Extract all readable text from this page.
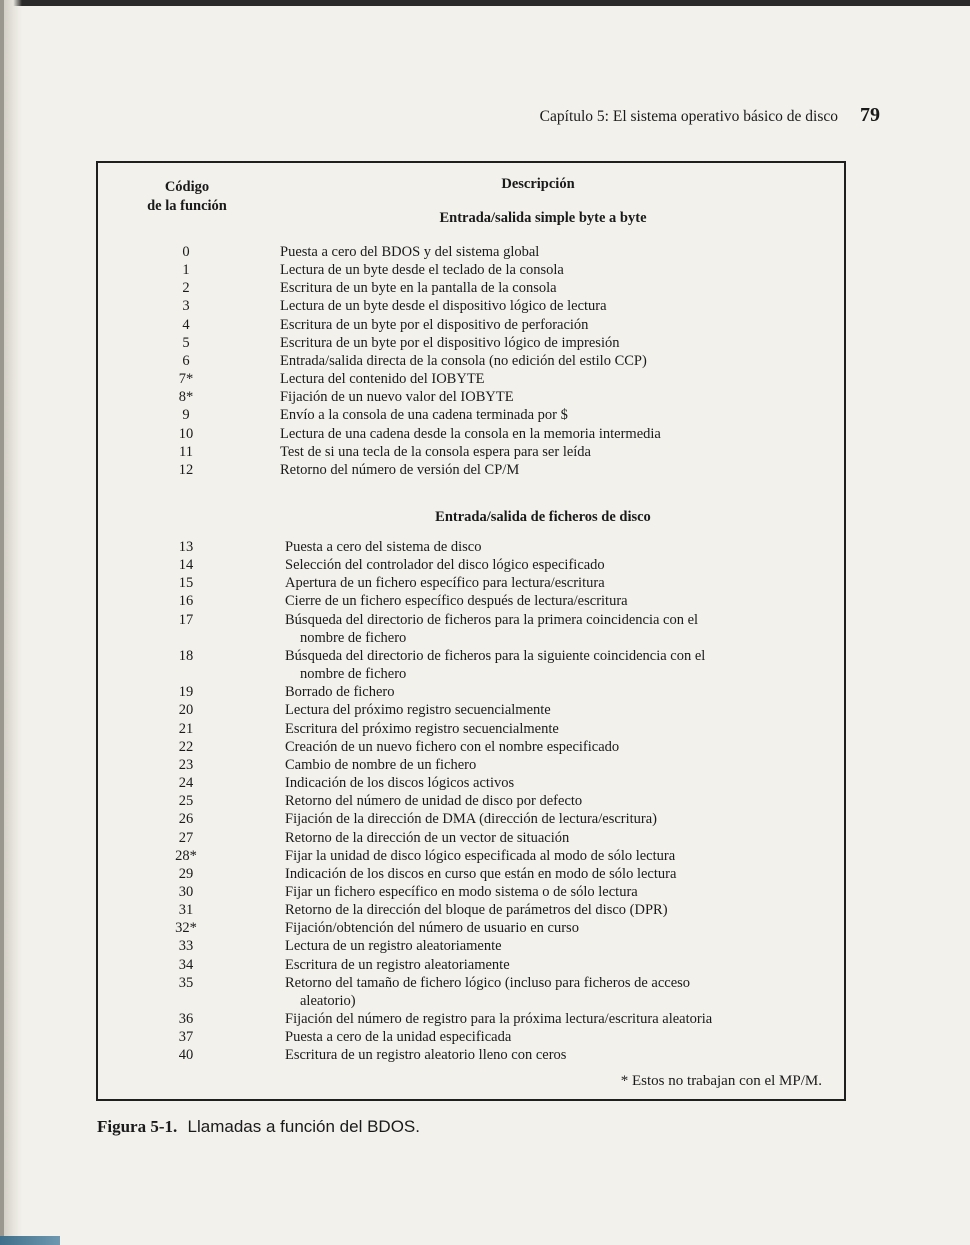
Capítulo 5: El sistema operativo básico de disco 79
Código
de la función
Descripción
Entrada/salida simple byte a byte
0	Puesta a cero del BDOS y del sistema global
1	Lectura de un byte desde el teclado de la consola
2	Escritura de un byte en la pantalla de la consola
3	Lectura de un byte desde el dispositivo lógico de lectura
4	Escritura de un byte por el dispositivo de perforación
5	Escritura de un byte por el dispositivo lógico de impresión
6	Entrada/salida directa de la consola (no edición del estilo CCP)
7*	Lectura del contenido del IOBYTE
8*	Fijación de un nuevo valor del IOBYTE
9	Envío a la consola de una cadena terminada por $
10	Lectura de una cadena desde la consola en la memoria intermedia
11	Test de si una tecla de la consola espera para ser leída
12	Retorno del número de versión del CP/M
Entrada/salida de ficheros de disco
13	Puesta a cero del sistema de disco
14	Selección del controlador del disco lógico especificado
15	Apertura de un fichero específico para lectura/escritura
16	Cierre de un fichero específico después de lectura/escritura
17	Búsqueda del directorio de ficheros para la primera coincidencia con el
nombre de fichero
18	Búsqueda del directorio de ficheros para la siguiente coincidencia con el
nombre de fichero
19	Borrado de fichero
20	Lectura del próximo registro secuencialmente
21	Escritura del próximo registro secuencialmente
22	Creación de un nuevo fichero con el nombre especificado
23	Cambio de nombre de un fichero
24	Indicación de los discos lógicos activos
25	Retorno del número de unidad de disco por defecto
26	Fijación de la dirección de DMA (dirección de lectura/escritura)
27	Retorno de la dirección de un vector de situación
28*	Fijar la unidad de disco lógico especificada al modo de sólo lectura
29	Indicación de los discos en curso que están en modo de sólo lectura
30	Fijar un fichero específico en modo sistema o de sólo lectura
31	Retorno de la dirección del bloque de parámetros del disco (DPR)
32*	Fijación/obtención del número de usuario en curso
33	Lectura de un registro aleatoriamente
34	Escritura de un registro aleatoriamente
35	Retorno del tamaño de fichero lógico (incluso para ficheros de acceso
aleatorio)
36	Fijación del número de registro para la próxima lectura/escritura aleatoria
37	Puesta a cero de la unidad especificada
40	Escritura de un registro aleatorio lleno con ceros
* Estos no trabajan con el MP/M.
Figura 5-1. Llamadas a función del BDOS.
